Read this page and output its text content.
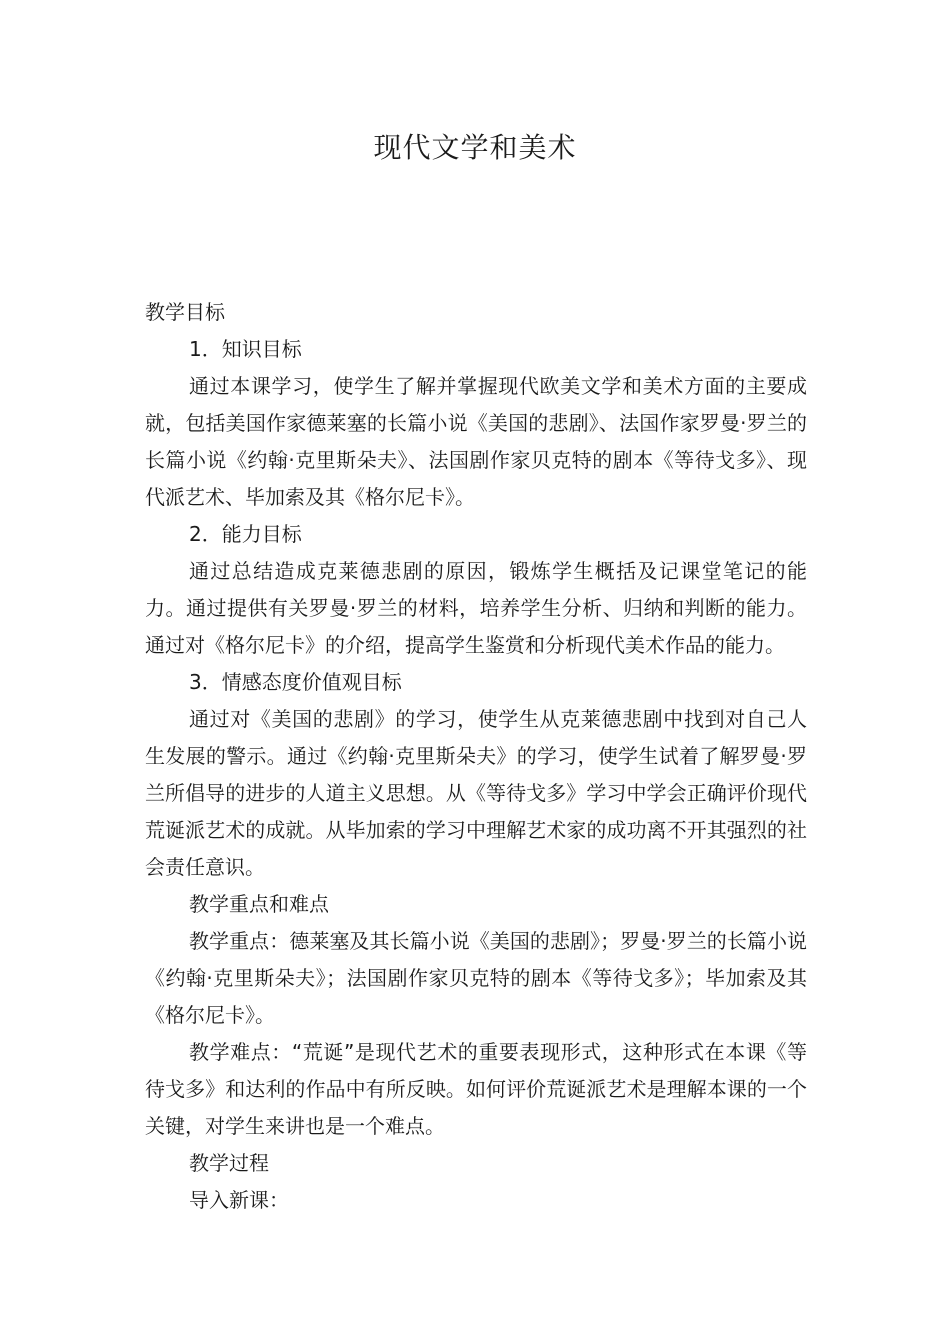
现代文学和美术

教学目标

1．知识目标

通过本课学习，使学生了解并掌握现代欧美文学和美术方面的主要成就，包括美国作家德莱塞的长篇小说《美国的悲剧》、法国作家罗曼·罗兰的长篇小说《约翰·克里斯朵夫》、法国剧作家贝克特的剧本《等待戈多》、现代派艺术、毕加索及其《格尔尼卡》。

2．能力目标

通过总结造成克莱德悲剧的原因，锻炼学生概括及记课堂笔记的能力。通过提供有关罗曼·罗兰的材料，培养学生分析、归纳和判断的能力。通过对《格尔尼卡》的介绍，提高学生鉴赏和分析现代美术作品的能力。

3．情感态度价值观目标

通过对《美国的悲剧》的学习，使学生从克莱德悲剧中找到对自己人生发展的警示。通过《约翰·克里斯朵夫》的学习，使学生试着了解罗曼·罗兰所倡导的进步的人道主义思想。从《等待戈多》学习中学会正确评价现代荒诞派艺术的成就。从毕加索的学习中理解艺术家的成功离不开其强烈的社会责任意识。

教学重点和难点

教学重点：德莱塞及其长篇小说《美国的悲剧》；罗曼·罗兰的长篇小说《约翰·克里斯朵夫》；法国剧作家贝克特的剧本《等待戈多》；毕加索及其《格尔尼卡》。

教学难点：“荒诞”是现代艺术的重要表现形式，这种形式在本课《等待戈多》和达利的作品中有所反映。如何评价荒诞派艺术是理解本课的一个关键，对学生来讲也是一个难点。

教学过程

导入新课：
